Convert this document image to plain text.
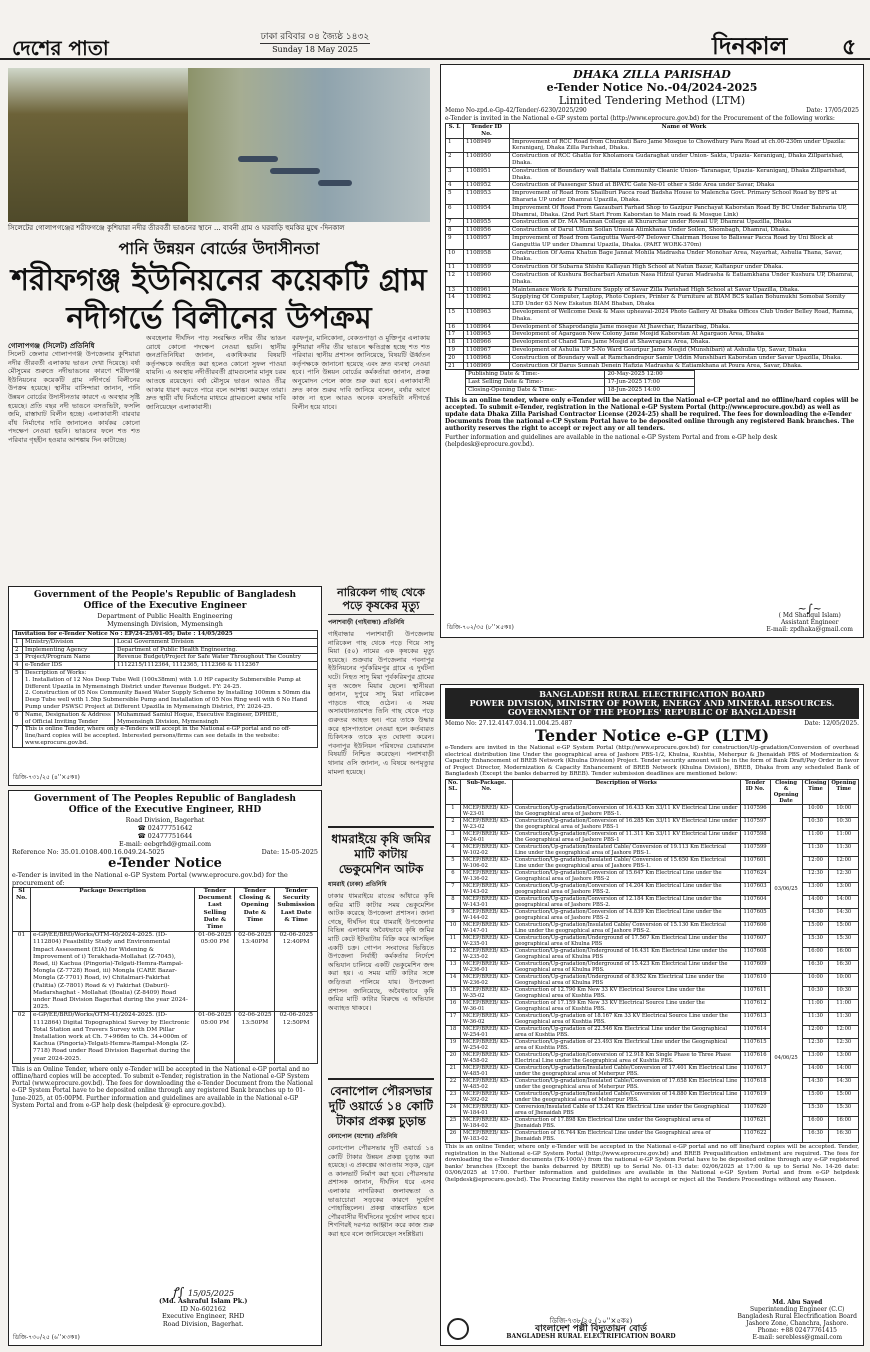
দেশের পাতা	ঢাকা রবিবার ০৪ জ্যৈষ্ঠ ১৪৩২
Sunday 18 May 2025	দিনকাল ৫
সিলেটের গোলাপগঞ্জের শরীফগঞ্জে কুশিয়ারা নদীর তীরবর্তী ভাঙনের স্থানে ... বাবনী গ্রাম ও ঘরবাড়ি হুমকির মুখে -দিনকাল
পানি উন্নয়ন বোর্ডের উদাসীনতা
শরীফগঞ্জ ইউনিয়নের কয়েকটি গ্রাম নদীগর্ভে বিলীনের উপক্রম
গোলাপগঞ্জ (সিলেট) প্রতিনিধি
সিলেট জেলার গোলাপগঞ্জ উপজেলার কুশিয়ারা নদীর তীরবর্তী এলাকায় ভাঙন দেখা দিয়েছে। বর্ষা মৌসুমের শুরুতে নদীভাঙনের কারণে শরীফগঞ্জ ইউনিয়নের কয়েকটি গ্রাম নদীগর্ভে বিলীনের উপক্রম হয়েছে। স্থানীয় বাসিন্দারা জানান, পানি উন্নয়ন বোর্ডের উদাসীনতার কারণে এ অবস্থার সৃষ্টি হয়েছে। প্রতি বছর নদী ভাঙনে বসতভিটা, ফসলি জমি, রাস্তাঘাট বিলীন হচ্ছে। এলাকাবাসী বারবার বাঁধ নির্মাণের দাবি জানালেও কার্যকর কোনো পদক্ষেপ নেওয়া হয়নি। ভাঙনের ফলে শত শত পরিবার গৃহহীন হওয়ার আশঙ্কায় দিন কাটাচ্ছে।
অবহেলার দীর্ঘদিন পাড় সংরক্ষিত নদীর তীর ভাঙন রোধে কোনো পদক্ষেপ নেওয়া হয়নি। স্থানীয় জনপ্রতিনিধিরা জানান, একাধিকবার বিষয়টি কর্তৃপক্ষকে অবহিত করা হলেও কোনো সুফল পাওয়া যায়নি। এ অবস্থায় নদীতীরবর্তী গ্রামগুলোর মানুষ চরম আতঙ্কে রয়েছেন। বর্ষা মৌসুমে ভাঙন আরও তীব্র আকার ধারণ করতে পারে বলে আশঙ্কা করছেন তারা। দ্রুত স্থায়ী বাঁধ নির্মাণের মাধ্যমে গ্রামগুলো রক্ষার দাবি জানিয়েছেন এলাকাবাসী।
বরফপুর, মানিকোনা, বেকতপাড়া ও মুক্তিপুর এলাকায় কুশিয়ারা নদীর তীর ভাঙনে ক্ষতিগ্রস্ত হচ্ছে শত শত পরিবার। স্থানীয় প্রশাসন জানিয়েছে, বিষয়টি ঊর্ধ্বতন কর্তৃপক্ষকে জানানো হয়েছে এবং দ্রুত ব্যবস্থা নেওয়া হবে। পানি উন্নয়ন বোর্ডের কর্মকর্তারা জানান, প্রকল্প অনুমোদন পেলে কাজ শুরু করা হবে। এলাকাবাসী দ্রুত কাজ শুরুর দাবি জানিয়ে বলেন, বর্ষার আগে কাজ না হলে আরও অনেক বসতভিটা নদীগর্ভে বিলীন হয়ে যাবে।
DHAKA ZILLA PARISHAD
e-Tender Notice No.-04/2024-2025
Limited Tendering Method (LTM)
Memo No-zpd.e-Gp-42/Tender/-6230/2025/290	Date: 17/05/2025
e-Tender is invited in the National e-GP system portal (http://www.eprocure.gov.bd) for the Procurement of the following works:
S. L	Tender ID No.	Name of Work
1	1108949	Improvement of RCC Road from Chunkuti Baro Jame Mosque to Chowdhury Para Road at ch.00-230m under Upazila: Keraniganj, Dhaka Zilla Parishad, Dhaka.
2	1108950	Construction of RCC Ghatla for Kholamora Gudaraghat under Union- Sakta, Upazia- Keraniganj, Dhaka Zillparishad, Dhaka.
3	1108951	Construction of Boundary wall Battala Community Cleanic Union- Taranagar, Upazia- Keraniganj, Dhaka Zillparishad, Dhaka.
4	1108952	Construction of Passenger Shud at BPATC Gate No-01 other s Side Area under Savar, Dhaka
5	1108953	Improvement of Road from Shailburi Pacca road Badsha House to Malencha Govt. Primary School Road by BFS at Bhararia UP under Dhamrai Upazilla, Dhaka.
6	1108954	Improvement Of Road From Gazaubari Farhad Shop to Gazipur Panchayat Kaborstan Road By BC Under Bahraria UP, Dhamrai, Dhaka. (2nd Part Start From Kaborstan to Main road & Mosque Link)
7	1108955	Construction of Dr. MA Mannan College at Khurarchar under Rowail UP, Dhamrai Upazilla, Dhaka
8	1108956	Construction of Darul Ullum Soilan Unusia Atimkhana Under Soilen, Shombagh, Dhamrai, Dhaka.
9	1108957	Improvement of Road from Ganguttia Ward-07 Delower Chairman House to Baliswar Pacca Road by Uni Block at Ganguttia UP under Dhamrai Upazila, Dhaka. (PART WORK-370m)
10	1108958	Construction Of Asma Khatun Bage Jannat Mohila Madrasha Under Monohar Area, Nayarhat, Ashulia Thana, Savar, Dhaka.
11	1108959	Construction Of Subarna Shishu Kallayan High School at Natun Bazar, Kaltanpur under Dhaka.
12	1108960	Construction of Kushura Bocharbari Amatun Nasa Hifzul Quran Madrasha & Eatiamkhana Under Kushura UP, Dhamrai, Dhaka.
13	1108961	Maintenance Work & Furniture Supply of Savar Zilla Parishad High School at Savar Upazilla, Dhaka.
14	1108962	Supplying Of Computer, Laptop, Photo Copiers, Printer & Furniture at BIAM BCS kallan Bohumukhi Somobai Somity LTD Under 63 New Eskatun BIAM Bhaban, Dhaka
15	1108963	Development of Wellcome Desk & Mass upheaval-2024 Photo Gallery At Dhaka Offices Club Under Belley Road, Ramna, Dhaka.
16	1108964	Development of Shaprodangia Jame mosque At Jhawchar, Hazaribag, Dhaka.
17	1108965	Development of Agargaon New Colony Jame Mosjid Kaborstan At Agargaon Area, Dhaka
18	1108966	Development of Chand Tara Jame Mosjid at Shawrapara Area, Dhaka.
19	1108967	Development of Ashulia UP 5-No Ward Gouripur Jame Mosjid (Munshibari) at Ashulia Up, Savar, Dhaka
20	1108968	Construction of Boundary wall at Ramchandrapur Samir Uddin Munshibari Kaborstan under Savar Upazilla, Dhaka.
21	1108969	Construction Of Darus Sunnah Denein Hafizia Madrasha & Eatiamkhana at Poura Area, Savar, Dhaka.
Publishing Date & Time:-	20-May-2025 12:00
Last Selling Date & Time:-	17-Jun-2025 17:00
Closing-Opening Date & Time:-	18-Jun-2025 14:00
This is an online tender, where only e-Tender will be accepted in the National e-CP portal and no offline/hard copies will be accepted. To submit e-Tender, registration in the National e-GP System Portal (http://www.eprocure.gov.bd) as well as update data Dhaka Zilla Parishad Contractor License (2024-25) shall be required. The fees for downloading the e-Tender Documents from the national e-CP System Portal have to be deposited online through any registered Bank branches. The authority reserves the right to accept or reject any or all tenders.
Further information and guidelines are available in the national e-GP System Portal and from e-GP help desk (helpdesk@eprocure.gov.bd).
~∫~
( Md Shafiqul Islam)
Assistant Engineer
E-mail: zpdhaka@gmail.com
ডিজি-৭০২/৩৫ (৮''×৫কঃ)
Government of the People's Republic of Bangladesh
Office of the Executive Engineer
Department of Public Health Engineering
Mymensingh Division, Mymensingh
Invitation for e-Tender Notice No : EP/24-25/01-05; Date : 14/05/2025		
1	Ministry/Division	Local Government Division
2	Implementing Agency	Department of Public Health Engineering.
3	Project/Program Name	Revenue Budget/Project for Safe Water Throughout The Country
4	e-Tender IDS	1112215/1112364, 1112365, 1112366 & 1112367
5	Description of Works:
1. Installation of 12 Nos Deep Tube Well (100x38mm) with 1.0 HP capacity Submersible Pump at Different Upazila in Mymensingh District under Revenue Budget. FY: 24-25.
2. Construction of 05 Nos Community Based Water Supply Scheme by Installing 100mm x 50mm dia Deep Tube well with 1.5hp Submersible Pump and Installation of 05 Nos Ring well with 6 No Hand Pump under PSWSC Project at Different Upazilla in Mymensingh District, FY: 2024-25.	

6	Name, Designation & Address of Official Inviting Tender	Muhammad Samiul Hoque, Executive Engineer, DPHDE, Mymensingh Division, Mymensingh
7	This is online Tender, where only e-Tenders will accept in the National e-GP portal and no off-line/hard copies will be accepted. Interested persons/firms can see details in the website: www.eprocure.gov.bd.	
ডিজি-৭৩১/২৫ (৪''×৫কঃ)
Government of The Peoples Republic of Bangladesh
Office of the Executive Engineer, RHD
Road Division, Bagerhat
☎ 02477751642
☎ 02477751644
E-mail: eebgrhd@gmail.com
Reference No: 35.01.0108.400.16.049.24-5025	Date: 15-05-2025
e-Tender Notice
e-Tender is invited in the National e-GP System Portal (www.eprocure.gov.bd) for the procurement of:
Sl No.	Package Description	Tender Document Last Selling Date & Time	Tender Closing & Opening Date & Time	Tender Security Submission Last Date & Time
01	e-GP/EE/BRD/Works/OTM-40/2024-2025. (ID-1112804) Feasibility Study and Environmental Impact Assessment (EIA) for Widening & Improvement of i) Terakhada-Mollahat (Z-7045), Road, ii) Kachua (Pingoria)-Telgati-Hemra-Rampal-Mongla (Z-7728) Road, iii) Mongla (CARE Bazar-Mongla (Z-7701) Road, iv) Chitalmari-Fakirhat (Falitia) (Z-7801) Road & v) Fakirhat (Daburi)-Madarshaghat - Mollahat (Boalia) (Z-8409) Road under Road Division Bagerhat during the year 2024-2025.	01-06-2025 05:00 PM	02-06-2025 13:40PM	02-06-2025 12:40PM
02	e-GP/EE/BRD/Works/OTM-41/2024-2025. (ID-1112864) Digital Topographical Survey by Electronic Total Station and Travers Survey with DM Pillar Installation work at Ch. 7+966m to Ch. 34+000m of Kachua (Pingoria)-Telgati-Hemra-Rampal-Mongla (Z-7718) Road under Road Division Bagerhat during the year 2024-2025.	01-06-2025 05:00 PM	02-06-2025 13:50PM	02-06-2025 12:50PM
This is an Online Tender, where only e-Tender will be accepted in the National e-GP portal and no offline/hard copies will be accepted. To submit e-Tender, registration in the National e-GP System Portal (www.eprocure.gov.bd). The fees for downloading the e-Tender Document from the National e-GP System Portal have to be deposited online through any registered Bank branches up to 01-June-2025, at 05:00PM. Further information and guidelines are available in the National e-GP System Portal and from e-GP help desk (helpdesk @ eprocure.gov.bd).
ꝭ∫ 15/05/2025
(Md. Ashraful Islam Pk.)
ID No-602162
Executive Engineer, RHD
Road Division, Bagerhat.
ডিজি-৭৩০/২৫ (৬''×৩কঃ)
নারিকেল গাছ থেকে পড়ে কৃষকের মৃত্যু
পলাশবাড়ী (গাইবান্ধা) প্রতিনিধি
গাইবান্ধার পলাশবাড়ী উপজেলায় নারিকেল গাছ থেকে পড়ে গিয়ে সাদু মিয়া (৫০) নামের এক কৃষকের মৃত্যু হয়েছে। শুক্রবার উপজেলার পবনাপুর ইউনিয়নের পূর্বকরিমপুর গ্রামে এ দুর্ঘটনা ঘটে। নিহত সাদু মিয়া পূর্বকরিমপুর গ্রামের মৃত অজেদ মিয়ার ছেলে। স্থানীয়রা জানান, দুপুরে সাদু মিয়া নারিকেল পাড়তে গাছে ওঠেন। এ সময় অসাবধানতাবশত তিনি গাছ থেকে পড়ে গুরুতর আহত হন। পরে তাকে উদ্ধার করে হাসপাতালে নেওয়া হলে কর্তব্যরত চিকিৎসক তাকে মৃত ঘোষণা করেন। পবনাপুর ইউনিয়ন পরিষদের চেয়ারম্যান বিষয়টি নিশ্চিত করেছেন। পলাশবাড়ী থানার ওসি জানান, এ বিষয়ে অপমৃত্যুর মামলা হয়েছে।
ধামরাইয়ে কৃষি জমির মাটি কাটায় ভেকুমেশিন আটক
ধামরাই (ঢাকা) প্রতিনিধি
ঢাকার ধামরাইয়ে রাতের আঁধারে কৃষি জমির মাটি কাটার সময় ভেকুমেশিন আটক করেছে উপজেলা প্রশাসন। জানা গেছে, দীর্ঘদিন ধরে ধামরাই উপজেলার বিভিন্ন এলাকায় অবৈধভাবে কৃষি জমির মাটি কেটে ইটভাটায় বিক্রি করে আসছিল একটি চক্র। গোপন সংবাদের ভিত্তিতে উপজেলা নির্বাহী কর্মকর্তার নির্দেশে অভিযান চালিয়ে একটি ভেকুমেশিন জব্দ করা হয়। এ সময় মাটি কাটার সঙ্গে জড়িতরা পালিয়ে যায়। উপজেলা প্রশাসন জানিয়েছে, অবৈধভাবে কৃষি জমির মাটি কাটার বিরুদ্ধে এ অভিযান অব্যাহত থাকবে।
বেনাপোল পৌরসভার দুটি ওয়ার্ডে ১৪ কোটি টাকার প্রকল্প চুড়ান্ত
বেনাপোল (যশোর) প্রতিনিধি
বেনাপোল পৌরসভার দুটি ওয়ার্ডে ১৪ কোটি টাকার উন্নয়ন প্রকল্প চূড়ান্ত করা হয়েছে। এ প্রকল্পের আওতায় সড়ক, ড্রেন ও কালভার্ট নির্মাণ করা হবে। পৌরসভার প্রশাসক জানান, দীর্ঘদিন ধরে এসব এলাকার নাগরিকরা জলাবদ্ধতা ও ভাঙাচোরা সড়কের কারণে দুর্ভোগ পোহাচ্ছিলেন। প্রকল্প বাস্তবায়িত হলে পৌরবাসীর দীর্ঘদিনের দুর্ভোগ লাঘব হবে। শিগগিরই দরপত্র আহ্বান করে কাজ শুরু করা হবে বলে জানিয়েছেন সংশ্লিষ্টরা।
BANGLADESH RURAL ELECTRIFICATION BOARD
POWER DIVISION, MINISTRY OF POWER, ENERGY AND MINERAL RESOURCES.
GOVERNMENT OF THE PEOPLES' REPUBLIC OF BANGLADESH
Memo No: 27.12.4147.034.11.004.25.487	Date: 12/05/2025.
Tender Notice e-GP (LTM)
e-Tenders are invited in the National e-GP System Portal (http://www.eprocure.gov.bd) for construction/Up-gradation/Conversion of overhead electrical distribution line Under the geographical area of Jashore PBS-1/2, Khulna, Kushtia, Meherpur & Jhenaidah PBS of Modernization & Capacity Enhancement of BREB Network (Khulna Division) Project. Tender security amount will be in the form of Bank Draft/Pay Order in favor of Project Director, Modernization & Capacity Enhancement of BREB Network (Khulna Division), BREB, Dhaka from any scheduled Bank of Bangladesh (Except the banks debarred by BREB). Tender submission deadlines are mentioned below:
No. SL.	Sub-Package. No.	Description of Works	Tender ID No.	Closing & Opening Date	Closing Time	Opening Time
1	MCEP/BREB/ KD-W-23-01	Construction/Up-gradation/Conversion of 16.433 Km 33/11 KV Electrical Line under the Geographical area of Jashore PBS-1.	1107596	03/06/25	10:00	10:00
2	MCEP/BREB/ KD-W-23-02	Construction/Up-gradation/Conversion of 16.285 Km 33/11 KV Electrical Line under the geographical area of Jashore PBS-1	1107597		10:30	10:30
3	MCEP/BREB/ KD-W-24-01	Construction/Up-gradation/Conversion of 11.311 Km 33/11 KV Electrical Line under the Geographical area of Jashore PBS-1	1107598		11:00	11:00
4	MCEP/BREB/ KD-W-102-02	Construction/Up-gradation/Insulated Cable/ Conversion of 19.113 Km Electrical Line under the geographical area of Jashore PBS-1.	1107599		11:30	11:30
5	MCEP/BREB/ KD-W-106-02	Construction/Up-gradation/Insulated Cable/ Conversion of 15.650 Km Electrical Line under the geographical area of Jashore PBS-1.	1107601		12:00	12:00
6	MCEP/BREB/ KD-W-136-02	Construction/Up-gradation/Conversion of 15.647 Km Electrical Line under the Geographical area of Jashore PBS-2	1107624		12:30	12:30
7	MCEP/BREB/ KD-W-143-02	Construction/Up-gradation/Conversion of 14.204 Km Electrical Line under the geographical area of Jashore PBS-2.	1107603		13:00	13:00
8	MCEP/BREB/ KD-W-143-01	Construction/Up-gradation/Conversion of 12.184 Km Electrical Line under the geographical area of Jashore PBS-2.	1107604		14:00	14:00
9	MCEP/BREB/ KD-W-144-02	Construction/Up-gradation/Conversion of 14.839 Km Electrical Line under the geographical area of Jashore PBS-2	1107605		14:30	14:30
10	MCEP/BREB/ KD-W-147-01	Construction/Up-gradation/Insulated Cable/ Conversion of 15.130 Km Electrical Line under the geographical area of Jashore PBS-2.	1107606		15:00	15:00
11	MCEP/BREB/ KD-W-235-01	Construction/Up-gradation/Underground of 17.567 Km Electrical Line under the geographical area of Khulna PBS	1107607		15:30	15:30
12	MCEP/BREB/ KD-W-235-02	Construction/Up-gradation/Underground of 16.431 Km Electrical Line under the Geographical area of Khulna PBS	1107608		16:00	16:00
13	MCEP/BREB/ KD-W-236-01	Construction/Up-gradation/Underground of 15.423 Km Electrical Line under the Geographical area of Khulna PBS.	1107609		16:30	16:30
14	MCEP/BREB/ KD-W-236-02	Construction/Up-gradation/Underground of 8.952 Km Electrical Line under the Geographical area of Khulna PBS	1107610	04/06/25	10:00	10:00
15	MCEP/BREB/ KD-W-35-02	Construction of 12.790 Km New 33 KV Electrical Source Line under the Geographical area of Kushtia PBS.	1107611		10:30	10:30
16	MCEP/BREB/ KD-W-36-01	Construction of 17.159 Km New 33 KV Electrical Source Line under the Geographical area of Kushtia PBS.	1107612		11:00	11:00
17	MCEP/BREB/ KD-W-36-02	Construction/Up-gradation of 18.167 Km 33 KV Electrical Source Line under the Geographical area of Kushtia PBS.	1107613		11:30	11:30
18	MCEP/BREB/ KD-W-254-01	Construction/Up-gradation of 22.546 Km Electrical Line under the Geographical area of Kushtia PBS.	1107614		12:00	12:00
19	MCEP/BREB/ KD-W-254-02	Construction/Up-gradation of 23.493 Km Electrical Line under the Geographical area of Kushtia PBS.	1107615		12:30	12:30
20	MCEP/BREB/ KD-W-458-02	Construction/Up-gradation/Conversion of 12.918 Km Single Phase to Three Phase Electrical Line under the Geographical area of Kushtia PBS.	1107616		13:00	13:00
21	MCEP/BREB/ KD-W-485-01	Construction/Up-gradation/Insulated Cable/Conversion of 17.401 Km Electrical Line under the geographical area of Meherpur PBS.	1107617		14:00	14:00
22	MCEP/BREB/ KD-W-485-02	Construction/Up-gradation/Insulated Cable/Conversion of 17.658 Km Electrical Line under the geographical area of Meherpur PBS.	1107618		14:30	14:30
23	MCEP/BREB/ KD-W-392-02	Construction/Up-gradation/Insulated Cable/Conversion of 14.880 Km Electrical Line under the geographical area of Meherpur PBS.	1107619		15:00	15:00
24	MCEP/BREB/ KD-W-184-01	Conversion/Insulated Cable of 13.241 Km Electrical Line under the Geographical area of Jhenaidah PBS	1107620		15:30	15:30
25	MCEP/BREB/ KD-W-184-02	Construction of 17.898 Km Electrical Line under the Geographical area of Jhenaidah PBS.	1107621		16:00	16:00
26	MCEP/BREB/ KD-W-183-02	Construction of 16.744 Km Electrical Line under the Geographical area of Jhenaidah PBS.	1107622		16:30	16:30
This is an online Tender, where only e-Tender will be accepted in the National e-GP portal and no off line/hard copies will be accepted. Tender, registration in the National e-GP System Portal (http://www.eprocure.gov.bd) and BREB Prequalification enlistment are required. The fees for downloading the e-Tender documents (TK-1000/-) from the national e-GP System Portal have to be deposited online through any e-GP registered banks' branches (Except the banks debarred by BREB) up to Serial No. 01-13 date: 02/06/2025 at 17:00 & up to Serial No. 14-26 date: 03/06/2025 at 17:00. Further information and guidelines are available in the National e-GP System Portal and from e-GP helpdesk (helpdesk@eprocure.gov.bd). The Procuring Entity reserves the right to accept or reject all the Tenders Proceedings without any Reason.
ডিজি-৭৩৮/২৫ (১০''×৫কঃ)
বাংলাদেশ পল্লী বিদ্যুতায়ন বোর্ড
BANGLADESH RURAL ELECTRIFICATION BOARD
Md. Abu Sayed
Superintending Engineer (C.C)
Bangladesh Rural Electrification Board
Jashore Zone, Chanchra, Jashore.
Phone: +88 02477761415
E-mail: serebless@gmail.com
